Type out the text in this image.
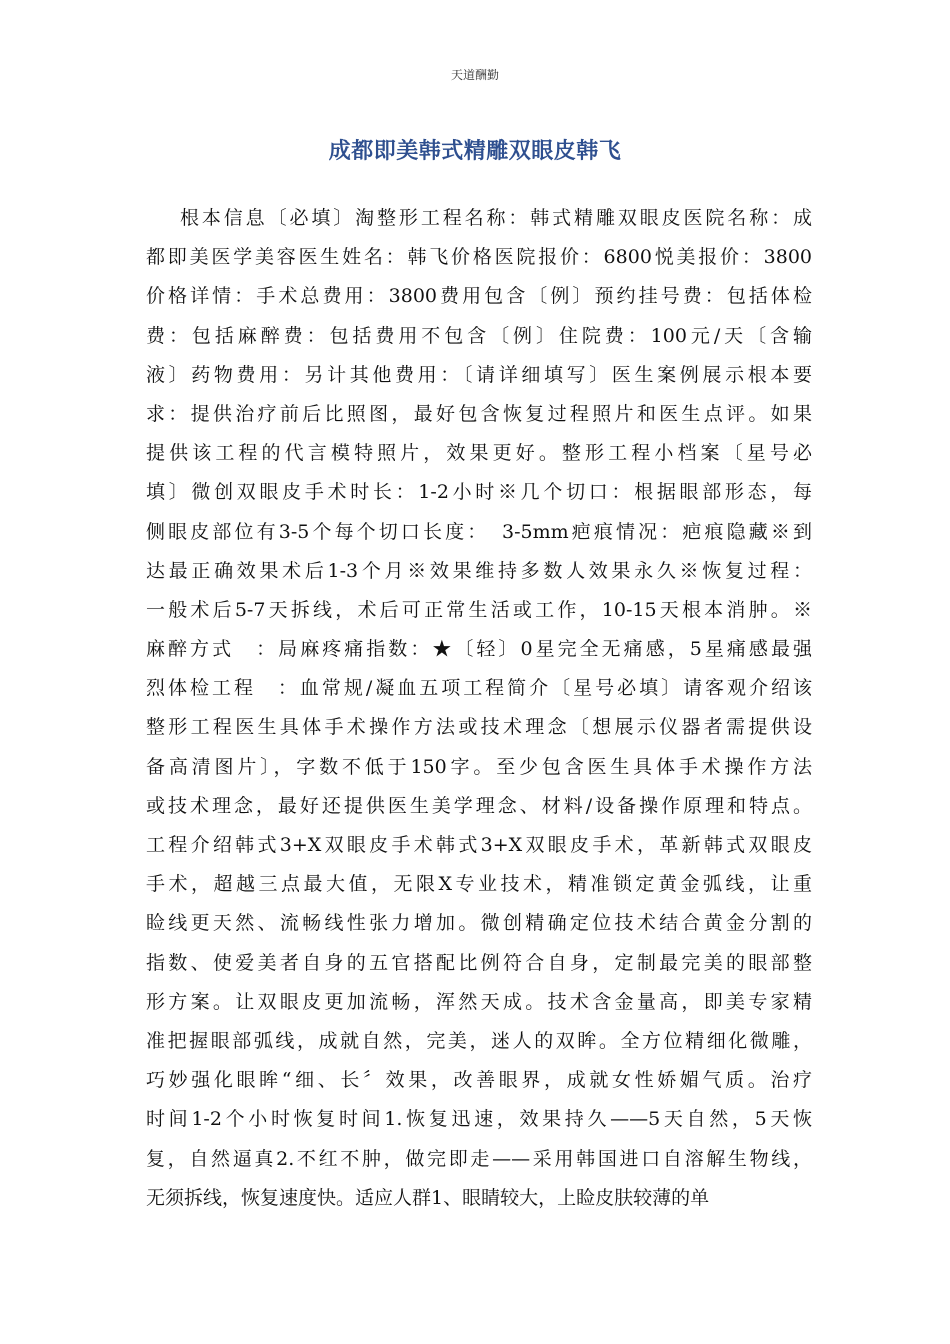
天道酬勤
成都即美韩式精雕双眼皮韩飞
根本信息〔必填〕淘整形工程名称：韩式精雕双眼皮医院名称：成
都即美医学美容医生姓名：韩飞价格医院报价：6800悦美报价：3800
价格详情：手术总费用：3800费用包含〔例〕预约挂号费：包括体检
费：包括麻醉费：包括费用不包含〔例〕住院费：100元/天〔含输
液〕药物费用：另计其他费用：〔请详细填写〕医生案例展示根本要
求：提供治疗前后比照图，最好包含恢复过程照片和医生点评。如果
提供该工程的代言模特照片，效果更好。整形工程小档案〔星号必
填〕微创双眼皮手术时长：1-2小时※几个切口：根据眼部形态，每
侧眼皮部位有3-5个每个切口长度：　3-5mm疤痕情况：疤痕隐藏※到
达最正确效果术后1-3个月※效果维持多数人效果永久※恢复过程：
一般术后5-7天拆线，术后可正常生活或工作，10-15天根本消肿。※
麻醉方式　：局麻疼痛指数：★〔轻〕0星完全无痛感，5星痛感最强
烈体检工程　：血常规/凝血五项工程简介〔星号必填〕请客观介绍该
整形工程医生具体手术操作方法或技术理念〔想展示仪器者需提供设
备高清图片〕，字数不低于150字。至少包含医生具体手术操作方法
或技术理念，最好还提供医生美学理念、材料/设备操作原理和特点。
工程介绍韩式3+X双眼皮手术韩式3+X双眼皮手术，革新韩式双眼皮
手术，超越三点最大值，无限X专业技术，精准锁定黄金弧线，让重
睑线更天然、流畅线性张力增加。微创精确定位技术结合黄金分割的
指数、使爱美者自身的五官搭配比例符合自身，定制最完美的眼部整
形方案。让双眼皮更加流畅，浑然天成。技术含金量高，即美专家精
准把握眼部弧线，成就自然，完美，迷人的双眸。全方位精细化微雕，
巧妙强化眼眸“细、长〞效果，改善眼界，成就女性娇媚气质。治疗
时间1-2个小时恢复时间1.恢复迅速，效果持久——5天自然，5天恢
复，自然逼真2.不红不肿，做完即走——采用韩国进口自溶解生物线，
无须拆线，恢复速度快。适应人群1、眼睛较大，上睑皮肤较薄的单
